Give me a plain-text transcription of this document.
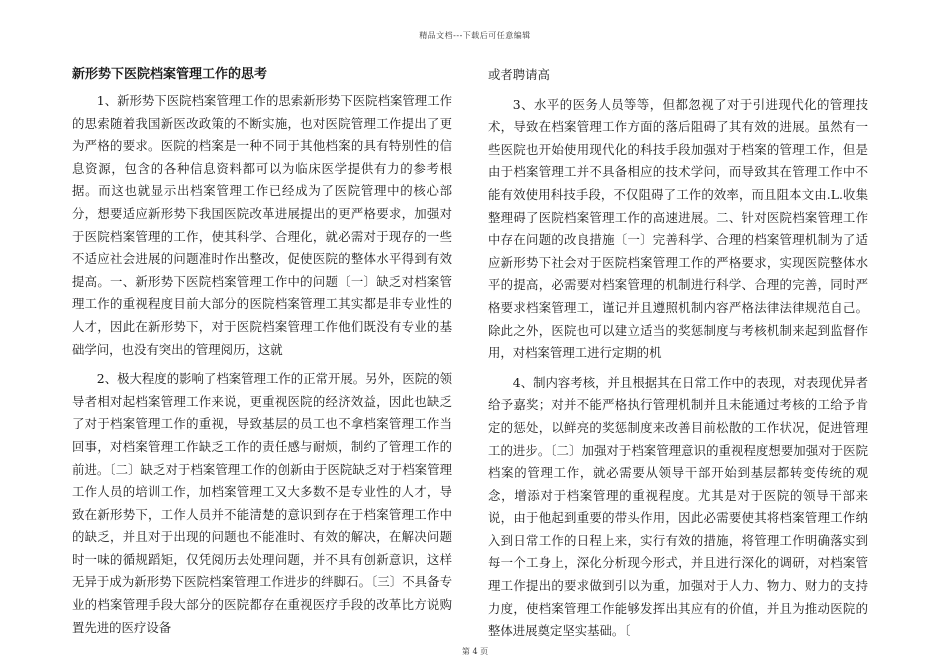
精品文档---下载后可任意编辑
新形势下医院档案管理工作的思考

1、新形势下医院档案管理工作的思索新形势下医院档案管理工作的思索随着我国新医改政策的不断实施，也对医院管理工作提出了更为严格的要求。医院的档案是一种不同于其他档案的具有特别性的信息资源，包含的各种信息资料都可以为临床医学提供有力的参考根据。而这也就显示出档案管理工作已经成为了医院管理中的核心部分，想要适应新形势下我国医院改革进展提出的更严格要求，加强对于医院档案管理的工作，使其科学、合理化，就必需对于现存的一些不适应社会进展的问题准时作出整改，促使医院的整体水平得到有效提高。一、新形势下医院档案管理工作中的问题〔一〕缺乏对档案管理工作的重视程度目前大部分的医院档案管理工其实都是非专业性的人才，因此在新形势下，对于医院档案管理工作他们既没有专业的基础学问，也没有突出的管理阅历，这就

2、极大程度的影响了档案管理工作的正常开展。另外，医院的领导者相对起档案管理工作来说，更重视医院的经济效益，因此也缺乏了对于档案管理工作的重视，导致基层的员工也不拿档案管理工作当回事，对档案管理工作缺乏工作的责任感与耐烦，制约了管理工作的前进。〔二〕缺乏对于档案管理工作的创新由于医院缺乏对于档案管理工作人员的培训工作，加档案管理工又大多数不是专业性的人才，导致在新形势下，工作人员并不能清楚的意识到存在于档案管理工作中的缺乏，并且对于出现的问题也不能准时、有效的解决，在解决问题时一味的循规蹈矩，仅凭阅历去处理问题，并不具有创新意识，这样无异于成为新形势下医院档案管理工作进步的绊脚石。〔三〕不具备专业的档案管理手段大部分的医院都存在重视医疗手段的改革比方说购置先进的医疗设备

或者聘请高

3、水平的医务人员等等，但都忽视了对于引进现代化的管理技术，导致在档案管理工作方面的落后阻碍了其有效的进展。虽然有一些医院也开始使用现代化的科技手段加强对于档案的管理工作，但是由于档案管理工并不具备相应的技术学问，而导致其在管理工作中不能有效使用科技手段，不仅阻碍了工作的效率，而且阻本文由.L.收集整理碍了医院档案管理工作的高速进展。二、针对医院档案管理工作中存在问题的改良措施〔一〕完善科学、合理的档案管理机制为了适应新形势下社会对于医院档案管理工作的严格要求，实现医院整体水平的提高，必需要对档案管理的机制进行科学、合理的完善，同时严格要求档案管理工，谨记并且遵照机制内容严格法律法律规范自己。除此之外，医院也可以建立适当的奖惩制度与考核机制来起到监督作用，对档案管理工进行定期的机

4、制内容考核，并且根据其在日常工作中的表现，对表现优异者给予嘉奖；对并不能严格执行管理机制并且未能通过考核的工给予肯定的惩处，以鲜亮的奖惩制度来改善目前松散的工作状况，促进管理工的进步。〔二〕加强对于档案管理意识的重视程度想要加强对于医院档案的管理工作，就必需要从领导干部开始到基层都转变传统的观念，增添对于档案管理的重视程度。尤其是对于医院的领导干部来说，由于他起到重要的带头作用，因此必需要使其将档案管理工作纳入到日常工作的日程上来，实行有效的措施，将管理工作明确落实到每一个工身上，深化分析现今形式，并且进行深化的调研，对档案管理工作提出的要求做到引以为重，加强对于人力、物力、财力的支持力度，使档案管理工作能够发挥出其应有的价值，并且为推动医院的整体进展奠定坚实基础。〔

第 4 页
